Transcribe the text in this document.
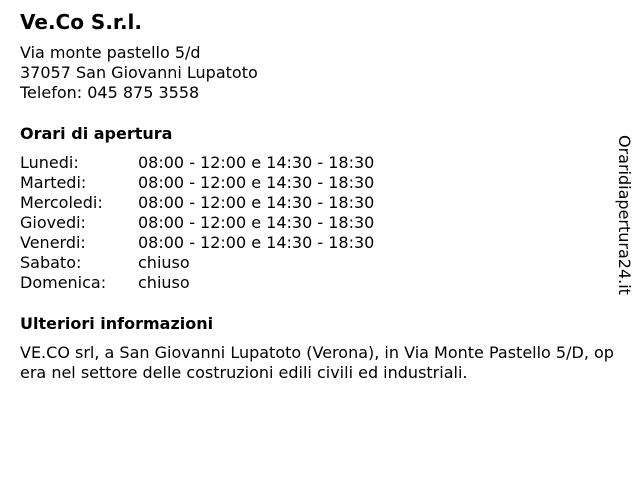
Ve.Co S.r.l.
Via monte pastello 5/d
37057 San Giovanni Lupatoto
Telefon: 045 875 3558
Orari di apertura
Lunedi:	08:00 - 12:00 e 14:30 - 18:30
Martedi:	08:00 - 12:00 e 14:30 - 18:30
Mercoledi: 08:00 - 12:00 e 14:30 - 18:30
Giovedi:	08:00 - 12:00 e 14:30 - 18:30
Venerdi:	08:00 - 12:00 e 14:30 - 18:30
Sabato:	chiuso
Domenica: chiuso
Ulteriori informazioni
VE.CO srl, a San Giovanni Lupatoto (Verona), in Via Monte Pastello 5/D, opera nel settore delle costruzioni edili civili ed industriali.
Oraridiapertura24.it
